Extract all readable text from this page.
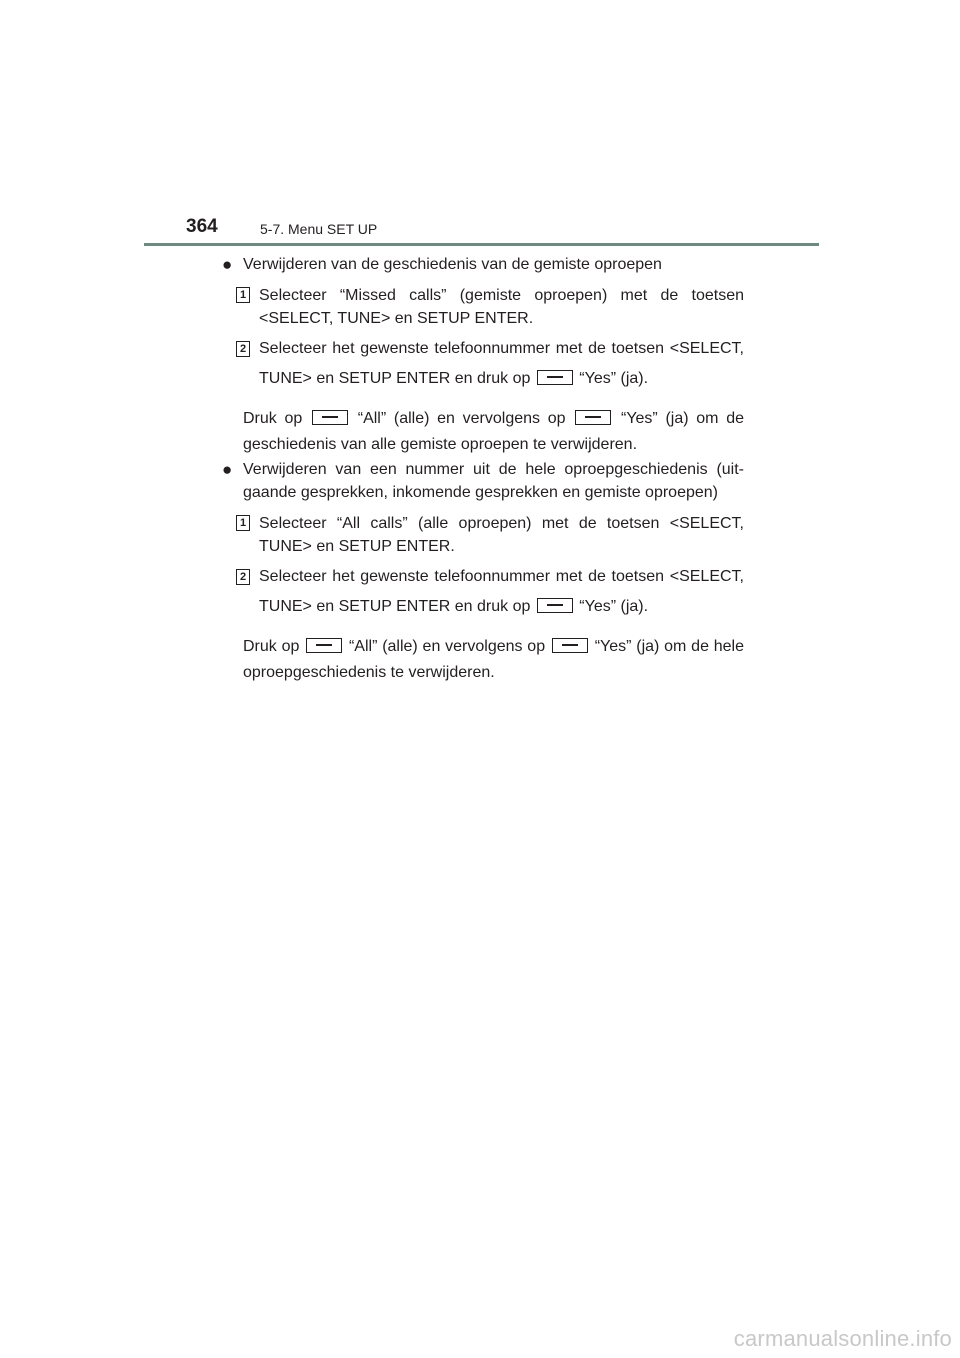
364	5-7. Menu SET UP

● Verwijderen van de geschiedenis van de gemiste oproepen

1 Selecteer “Missed calls” (gemiste oproepen) met de toetsen <SELECT, TUNE> en SETUP ENTER.
2 Selecteer het gewenste telefoonnummer met de toetsen <SELECT, TUNE> en SETUP ENTER en druk op	“Yes” (ja).
Druk op	“All” (alle) en vervolgens op	“Yes” (ja) om de geschiedenis van alle gemiste oproepen te verwijderen.

● Verwijderen van een nummer uit de hele oproepgeschiedenis (uit- gaande gesprekken, inkomende gesprekken en gemiste oproepen)

1 Selecteer “All calls” (alle oproepen) met de toetsen <SELECT, TUNE> en SETUP ENTER.
2 Selecteer het gewenste telefoonnummer met de toetsen <SELECT, TUNE> en SETUP ENTER en druk op	“Yes” (ja).
Druk op	“All” (alle) en vervolgens op	“Yes” (ja) om de hele oproepgeschiedenis te verwijderen.
carmanualsonline.info
